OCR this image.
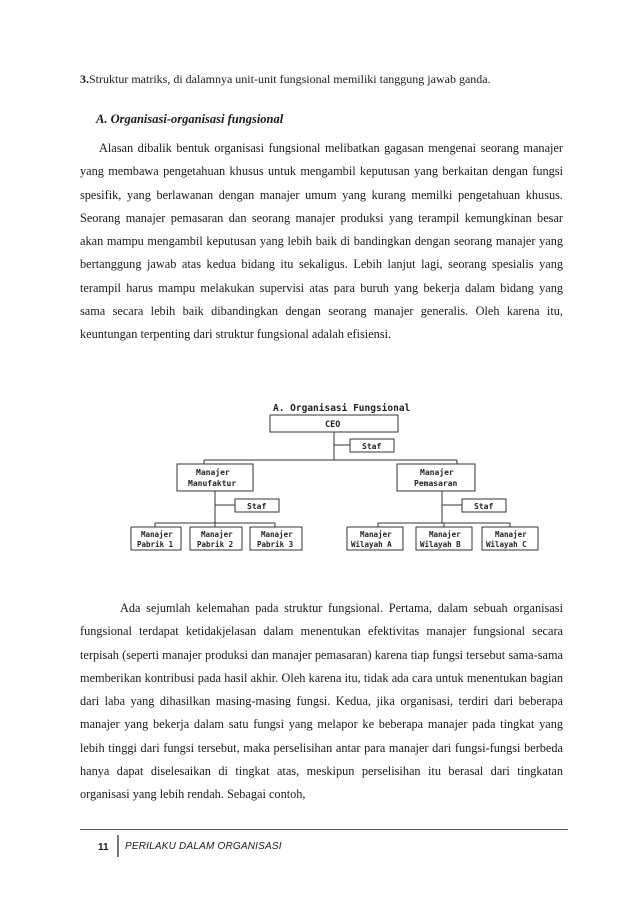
3.Struktur matriks, di dalamnya unit-unit fungsional memiliki tanggung jawab ganda.
A. Organisasi-organisasi fungsional
Alasan dibalik bentuk organisasi fungsional melibatkan gagasan mengenai seorang manajer yang membawa pengetahuan khusus untuk mengambil keputusan yang berkaitan dengan fungsi spesifik, yang berlawanan dengan manajer umum yang kurang memilki pengetahuan khusus. Seorang manajer pemasaran dan seorang manajer produksi yang terampil kemungkinan besar akan mampu mengambil keputusan yang lebih baik di bandingkan dengan seorang manajer yang bertanggung jawab atas kedua bidang itu sekaligus. Lebih lanjut lagi, seorang spesialis yang terampil harus mampu melakukan supervisi atas para buruh yang bekerja dalam bidang yang sama secara lebih baik dibandingkan dengan seorang manajer generalis. Oleh karena itu, keuntungan terpenting dari struktur fungsional adalah efisiensi.
A. Organisasi Fungsional
CEO
Staf
Manajer
Manufaktur
Manajer
Pemasaran
Staf	Staf
Manajer
Pabrik 1
Manajer
Pabrik 2
Manajer
Pabrik 3
Manajer
Wilayah A
Manajer
Wilayah B
Manajer
Wilayah C
Ada sejumlah kelemahan pada struktur fungsional. Pertama, dalam sebuah organisasi fungsional terdapat ketidakjelasan dalam menentukan efektivitas manajer fungsional secara terpisah (seperti manajer produksi dan manajer pemasaran) karena tiap fungsi tersebut sama-sama memberikan kontribusi pada hasil akhir. Oleh karena itu, tidak ada cara untuk menentukan bagian dari laba yang dihasilkan masing-masing fungsi. Kedua, jika organisasi, terdiri dari beberapa manajer yang bekerja dalam satu fungsi yang melapor ke beberapa manajer pada tingkat yang lebih tinggi dari fungsi tersebut, maka perselisihan antar para manajer dari fungsi-fungsi berbeda hanya dapat diselesaikan di tingkat atas, meskipun perselisihan itu berasal dari tingkatan organisasi yang lebih rendah. Sebagai contoh,
11 PERILAKU DALAM ORGANISASI
